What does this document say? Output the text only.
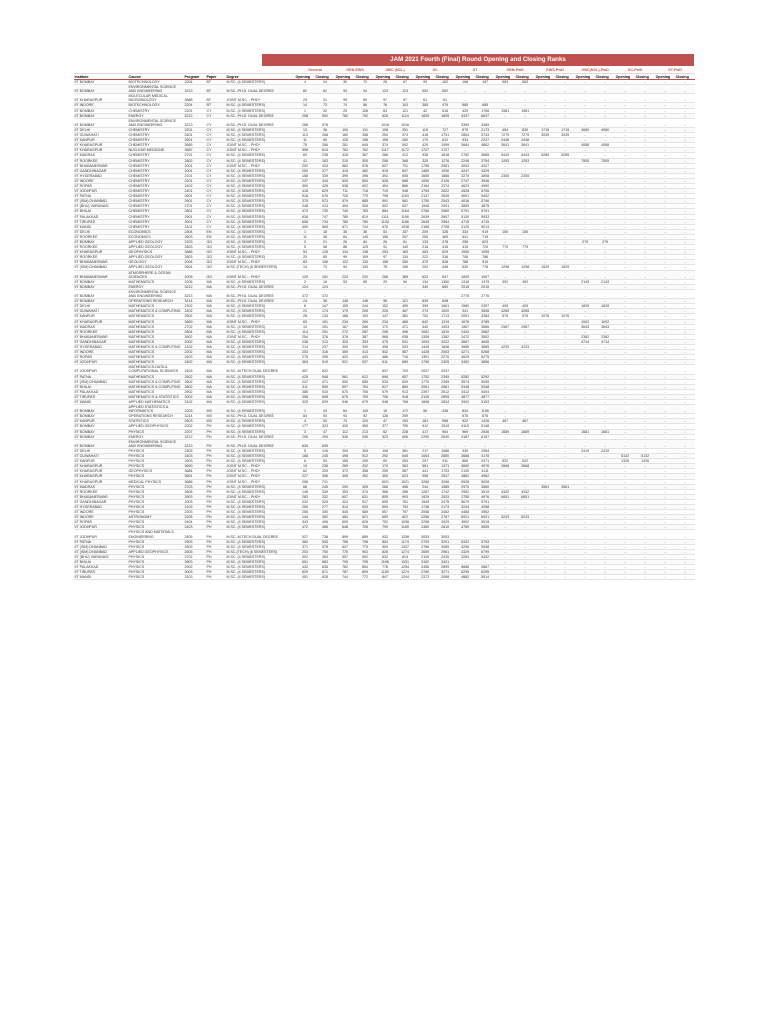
JAM 2021 Fourth (Final) Round Opening and Closing Ranks
					General		GEN-EWS		OBC (NCL)		SC		ST		GEN-PwD		EWS-PwD		OBC(NCL)-PwD		SC-PwD		ST-PwD	
Institute	Course	Program	Paper	Degree	Opening	Closing	Opening	Closing	Opening	Closing	Opening	Closing	Opening	Closing	Opening	Closing	Opening	Closing	Opening	Closing	Opening	Closing	Opening	Closing
IIT BOMBAY	BIOTECHNOLOGY	2204	BT	M.SC. (4 SEMESTERS)	4	24	30	72	28	67	99	162	168	187	583	583	-	-	-	-	-	-	-	-
IIT BOMBAY	ENVIRONMENTAL SCIENCE AND ENGINEERING	3213	BT	M.SC.-PH.D. DUAL DEGREE	82	62	94	94	123	123	552	552	-	-	-	-	-	-	-	-	-	-	-	-
IIT KHARAGPUR	MOLECULAR MEDICAL MICROBIOLOGY	3688	BT	JOINT M.SC. - PHD*	29	31	99	89	97	97	61	61	-	-	-	-	-	-	-	-	-	-	-	-
IIT INDORE	BIOTECHNOLOGY	2204	BT	M.SC. (4 SEMESTERS)	14	73	74	86	76	103	385	479	685	685	-	-	-	-	-	-	-	-	-	-
IIT BOMBAY	CHEMISTRY	2201	CY	M.SC. (4 SEMESTERS)	1	32	25	106	63	121	42	616	429	1706	1981	1981	-	-	-	-	-	-	-	-
IIT BOMBAY	ENERGY	3212	CY	M.SC.-PH.D. DUAL DEGREE	258	592	782	792	826	1124	1839	1839	4337	6637	-	-	-	-	-	-	-	-	-	-
IIT BOMBAY	ENVIRONMENTAL SCIENCE AND ENGINEERING	3213	CY	M.SC.-PH.D. DUAL DEGREE	268	578	-	-	1016	1016	-	-	3369	3369	-	-	-	-	-	-	-	-	-	-
IIT DELHI	CHEMISTRY	2201	CY	M.SC. (4 SEMESTERS)	13	38	100	131	108	251	115	727	879	2173	454	830	1715	1715	4080	4080	-	-	-	-
IIT GUWAHATI	CHEMISTRY	2401	CY	M.SC. (4 SEMESTERS)	113	268	160	358	254	374	418	1731	2854	3743	7279	7279	3039	3039	-	-	-	-	-	-
IIT KANPUR	CHEMISTRY	2501	CY	M.SC. (4 SEMESTERS)	11	50	125	156	106	260	170	812	934	2237	2446	2446	-	-	-	-	-	-	-	-
IIT KHARAGPUR	CHEMISTRY	3685	CY	JOINT M.SC. - PHD*	75	286	281	649	374	592	429	1099	3684	4862	3641	3641	-	-	4088	4088	-	-	-	-
IIT KHARAGPUR	NUCLEAR MEDICINE	3687	CY	JOINT M.SC. - PHD*	598	614	762	762	1117	1172	1727	1727	-	-	-	-	-	-	-	-	-	-	-	-
IIT MADRAS	CHEMISTRY	2701	CY	M.SC. (4 SEMESTERS)	69	238	418	367	266	412	938	1818	2782	3665	5443	5443	5285	5285	-	-	-	-	-	-
IIT ROORKEE	CHEMISTRY	2802	CY	M.SC. (4 SEMESTERS)	41	163	210	305	258	368	325	1276	2246	3754	1253	1253	-	-	7505	7505	-	-	-	-
IIT BHUBANESWAR	CHEMISTRY	2001	CY	JOINT M.SC. - PHD*	292	433	563	576	607	731	1796	2581	4003	4327	-	-	-	-	-	-	-	-	-	-
IIT GANDHINAGAR	CHEMISTRY	2001	CY	M.SC. (4 SEMESTERS)	252	377	415	482	515	607	1489	1930	4247	4329	-	-	-	-	-	-	-	-	-	-
IIT HYDERABAD	CHEMISTRY	2101	CY	M.SC. (4 SEMESTERS)	158	339	399	396	392	608	1665	1888	3270	3808	2305	2305	-	-	-	-	-	-	-	-
IIT INDORE	CHEMISTRY	2201	CY	M.SC. (4 SEMESTERS)	237	344	520	554	528	668	1050	2126	2747	3946	-	-	-	-	-	-	-	-	-	-
IIT ROPAR	CHEMISTRY	2402	CY	M.SC. (4 SEMESTERS)	350	428	538	602	454	866	2164	2374	4623	4950	-	-	-	-	-	-	-	-	-	-
IIT JODHPUR	CHEMISTRY	2401	CY	M.SC. (4 SEMESTERS)	416	629	711	716	719	948	1705	2622	4528	5706	-	-	-	-	-	-	-	-	-	-
IIT PATNA	CHEMISTRY	2501	CY	M.SC. (4 SEMESTERS)	518	676	720	779	798	1163	2137	2639	4691	5402	-	-	-	-	-	-	-	-	-	-
IIT (ISM) DHANBAD	CHEMISTRY	2601	CY	M.SC. (4 SEMESTERS)	375	573	579	685	591	961	1750	2543	4016	5746	-	-	-	-	-	-	-	-	-	-
IIT (BHU) VARANASI	CHEMISTRY	2701	CY	M.SC. (4 SEMESTERS)	248	413	494	526	502	637	1946	2001	3805	4875	-	-	-	-	-	-	-	-	-	-
IIT BHILAI	CHEMISTRY	2801	CY	M.SC. (4 SEMESTERS)	473	730	740	783	864	1164	2766	2960	5791	5791	-	-	-	-	-	-	-	-	-	-
IIT PALAKKAD	CHEMISTRY	2901	CY	M.SC. (4 SEMESTERS)	638	747	785	819	1111	1196	2639	2897	5130	5933	-	-	-	-	-	-	-	-	-	-
IIT TIRUPATI	CHEMISTRY	3001	CY	M.SC. (4 SEMESTERS)	606	734	780	780	1130	1186	2645	2964	4715	4715	-	-	-	-	-	-	-	-	-	-
IIT MANDI	CHEMISTRY	3101	CY	M.SC. (4 SEMESTERS)	400	565	671	744	676	1038	2168	2708	3125	5013	-	-	-	-	-	-	-	-	-	-
IIT DELHI	ECONOMICS	2304	EN	M.SC. (4 SEMESTERS)	1	18	35	36	53	157	209	328	334	919	150	150	-	-	-	-	-	-	-	-
IIT ROORKEE	ECONOMICS	2803	EN	M.SC. (4 SEMESTERS)	11	38	64	145	156	257	250	465	541	719	-	-	-	-	-	-	-	-	-	-
IIT BOMBAY	APPLIED GEOLOGY	2203	GG	M.SC. (4 SEMESTERS)	2	21	26	84	26	61	133	278	256	623	-	-	-	-	279	279	-	-	-	-
IIT ROORKEE	APPLIED GEOLOGY	2803	GG	M.SC. (4 SEMESTERS)	5	58	86	125	91	140	216	416	415	725	779	779	-	-	-	-	-	-	-	-
IIT KHARAGPUR	GEOPHYSICS	3686	GG	JOINT M.SC. - PHD*	53	126	134	138	253	160	463	529	1050	1059	-	-	-	-	-	-	-	-	-	-
IIT ROORKEE	APPLIED GEOLOGY	2803	GG	M.SC. (4 SEMESTERS)	20	85	99	109	97	134	222	316	706	786	-	-	-	-	-	-	-	-	-	-
IIT BHUBANESWAR	GEOLOGY	2004	GG	JOINT M.SC. - PHD*	83	106	122	133	158	250	470	528	788	919	-	-	-	-	-	-	-	-	-	-
IIT (ISM) DHANBAD	APPLIED GEOLOGY	2604	GG	M.SC.(TECH) (6 SEMESTERS)	14	73	94	133	78	196	202	445	530	778	1298	1298	1529	1529	-	-	-	-	-	-
IIT BHUBANESWAR	ATMOSPHERE & OCEAN SCIENCES	2005	GG	JOINT M.SC. - PHD*	129	181	223	232	268	385	623	647	1009	1057	-	-	-	-	-	-	-	-	-	-
IIT BOMBAY	MATHEMATICS	2206	MA	M.SC. (4 SEMESTERS)	2	18	53	85	29	54	134	1350	1316	1379	392	392	-	-	2143	2143	-	-	-	-
IIT BOMBAY	ENERGY	3212	MA	M.SC.-PH.D. DUAL DEGREE	124	124	-	-	-	-	340	860	2015	2015	-	-	-	-	-	-	-	-	-	-
IIT BOMBAY	ENVIRONMENTAL SCIENCE AND ENGINEERING	3213	MA	M.SC.-PH.D. DUAL DEGREE	372	372	-	-	-	-	-	-	2776	2776	-	-	-	-	-	-	-	-	-	-
IIT BOMBAY	OPERATIONS RESEARCH	3214	MA	M.SC.-PH.D. DUAL DEGREE	24	38	148	148	96	121	839	838	-	-	-	-	-	-	-	-	-	-	-	-
IIT DELHI	MATHEMATICS	2302	MA	M.SC. (4 SEMESTERS)	8	147	155	244	152	459	399	1661	1560	2357	405	405	-	-	1839	1839	-	-	-	-
IIT GUWAHATI	MATHEMATICS & COMPUTING	2402	MA	M.SC. (4 SEMESTERS)	21	174	179	205	226	467	274	1520	341	3508	4265	4265	-	-	-	-	-	-	-	-
IIT KANPUR	MATHEMATICS	2502	MA	M.SC. (4 SEMESTERS)	28	133	168	193	147	382	702	1713	2091	3284	575	575	1076	1076	-	-	-	-	-	-
IIT KHARAGPUR	MATHEMATICS	3689	MA	JOINT M.SC. - PHD*	63	181	234	269	234	466	642	1319	1676	3789	-	-	-	-	1002	1002	-	-	-	-
IIT MADRAS	MATHEMATICS	2702	MA	M.SC. (4 SEMESTERS)	10	151	167	266	170	471	340	1003	1567	3666	2987	2987	-	-	3643	3643	-	-	-	-
IIT ROORKEE	MATHEMATICS	2804	MA	M.SC. (4 SEMESTERS)	114	251	272	287	206	496	1062	1810	2443	2662	-	-	-	-	-	-	-	-	-	-
IIT BHUBANESWAR	MATHEMATICS	3902	MA	JOINT M.SC. - PHD*	254	376	378	387	568	638	1308	1382	3472	3502	-	-	-	-	2382	2382	-	-	-	-
IIT GANDHINAGAR	MATHEMATICS	2002	MA	M.SC. (4 SEMESTERS)	236	313	320	353	475	531	1093	2022	3687	4645	-	-	-	-	4714	4714	-	-	-	-
IIT HYDERABAD	MATHEMATICS & COMPUTING	2102	MA	M.SC. (4 SEMESTERS)	214	237	300	330	496	533	1445	1846	3685	3685	4233	4233	-	-	-	-	-	-	-	-
IIT INDORE	MATHEMATICS	2202	MA	M.SC. (4 SEMESTERS)	253	316	359	413	542	587	1428	2063	4271	5268	-	-	-	-	-	-	-	-	-	-
IIT ROPAR	MATHEMATICS	2403	MA	M.SC. (4 SEMESTERS)	275	395	420	443	486	716	1391	2270	4629	5275	-	-	-	-	-	-	-	-	-	-
IIT JODHPUR	MATHEMATICS	2402	MA	M.SC. (4 SEMESTERS)	363	519	521	537	611	689	1796	2305	3452	3856	-	-	-	-	-	-	-	-	-	-
IIT JODHPUR	MATHEMATICS-DATA & COMPUTATIONAL SCIENCES	2403	MA	M.SC.-M.TECH DUAL DEGREE	407	522	-	-	637	700	2037	2037	-	-	-	-	-	-	-	-	-	-	-	-
IIT PATNA	MATHEMATICS	2502	MA	M.SC. (4 SEMESTERS)	425	548	561	612	698	857	1752	2395	5282	5292	-	-	-	-	-	-	-	-	-	-
IIT (ISM) DHANBAD	MATHEMATICS & COMPUTING	2602	MA	M.SC. (4 SEMESTERS)	247	471	500	655	533	839	1770	2269	3574	5055	-	-	-	-	-	-	-	-	-	-
IIT BHILAI	MATHEMATICS & COMPUTING	2802	MA	M.SC. (4 SEMESTERS)	311	569	697	754	617	865	2061	2861	5348	5348	-	-	-	-	-	-	-	-	-	-
IIT PALAKKAD	MATHEMATICS	2902	MA	M.SC. (4 SEMESTERS)	385	510	670	706	579	913	2397	2612	3412	5404	-	-	-	-	-	-	-	-	-	-
IIT TIRUPATI	MATHEMATICS & STATISTICS	3002	MA	M.SC. (4 SEMESTERS)	358	598	675	709	706	918	2126	2895	4877	4877	-	-	-	-	-	-	-	-	-	-
IIT MANDI	APPLIED MATHEMATICS	3102	MA	M.SC. (4 SEMESTERS)	325	529	546	679	548	768	1608	2834	3902	5153	-	-	-	-	-	-	-	-	-	-
IIT BOMBAY	APPLIED STATISTICS & INFORMATICS	2203	MS	M.SC. (4 SEMESTERS)	1	43	64	130	15	172	56	438	834	1106	-	-	-	-	-	-	-	-	-	-
IIT BOMBAY	OPERATIONS RESEARCH	3214	MS	M.SC.-PH.D. DUAL DEGREE	84	93	93	92	128	259	-	-	676	676	-	-	-	-	-	-	-	-	-	-
IIT KANPUR	STATISTICS	2503	MS	M.SC. (4 SEMESTERS)	4	53	73	120	47	153	161	558	922	1426	467	467	-	-	-	-	-	-	-	-
IIT BOMBAY	APPLIED GEOPHYSICS	2202	PH	M.SC. (4 SEMESTERS)	177	323	430	455	377	795	912	2519	4119	5148	-	-	-	-	-	-	-	-	-	-
IIT BOMBAY	PHYSICS	2207	PH	M.SC. (4 SEMESTERS)	3	47	112	213	62	228	417	964	969	2546	1689	1689	-	-	1681	1681	-	-	-	-
IIT BOMBAY	ENERGY	3212	PH	M.SC.-PH.D. DUAL DEGREE	206	295	536	536	523	606	2290	2630	4187	6187	-	-	-	-	-	-	-	-	-	-
IIT BOMBAY	ENVIRONMENTAL SCIENCE AND ENGINEERING	3213	PH	M.SC.-PH.D. DUAL DEGREE	635	635	-	-	-	-	-	-	-	-	-	-	-	-	-	-	-	-	-	-
IIT DELHI	PHYSICS	2303	PH	M.SC. (4 SEMESTERS)	5	126	204	305	108	381	217	1086	330	2964	-	-	-	-	2419	2419	-	-	-	-
IIT GUWAHATI	PHYSICS	2403	PH	M.SC. (4 SEMESTERS)	168	245	498	512	292	545	1063	2850	3668	4178	-	-	-	-	-	-	5132	5132	-	-
IIT KANPUR	PHYSICS	2503	PH	M.SC. (4 SEMESTERS)	6	53	185	290	69	263	297	911	866	2471	522	522	-	-	-	-	1326	1326	-	-
IIT KHARAGPUR	PHYSICS	3690	PH	JOINT M.SC. - PHD*	19	236	269	432	170	363	561	1371	3660	4976	2668	2668	-	-	-	-	-	-	-	-
IIT KHARAGPUR	GEOPHYSICS	3684	PH	JOINT M.SC. - PHD*	62	209	372	358	259	587	441	1703	2130	4111	-	-	-	-	-	-	-	-	-	-
IIT KHARAGPUR	PHYSICS	3691	PH	JOINT M.SC. - PHD*	227	356	405	452	300	623	956	2547	4862	4962	-	-	-	-	-	-	-	-	-	-
IIT KHARAGPUR	MEDICAL PHYSICS	3686	PH	JOINT M.SC. - PHD*	256	741	-	-	1021	1021	3266	3266	5928	5928	-	-	-	-	-	-	-	-	-	-
IIT MADRAS	PHYSICS	2703	PH	M.SC. (4 SEMESTERS)	68	245	290	305	268	456	244	1585	2970	3560	-	-	3561	3561	-	-	-	-	-	-
IIT ROORKEE	PHYSICS	2805	PH	M.SC. (4 SEMESTERS)	148	339	353	374	368	456	1287	1742	2952	3519	4332	4332	-	-	-	-	-	-	-	-
IIT BHUBANESWAR	PHYSICS	3903	PH	JOINT M.SC. - PHD*	283	332	607	631	805	993	1929	2533	2755	4976	6651	6651	-	-	-	-	-	-	-	-
IIT GANDHINAGAR	PHYSICS	2003	PH	M.SC. (4 SEMESTERS)	232	325	424	517	690	781	1949	2475	5679	5791	-	-	-	-	-	-	-	-	-	-
IIT HYDERABAD	PHYSICS	2103	PH	M.SC. (4 SEMESTERS)	250	277	514	533	600	753	1748	2173	3244	4398	-	-	-	-	-	-	-	-	-	-
IIT INDORE	PHYSICS	2203	PH	M.SC. (4 SEMESTERS)	256	350	545	589	657	797	2068	2462	4468	4962	-	-	-	-	-	-	-	-	-	-
IIT INDORE	ASTRONOMY	2205	PH	M.SC. (4 SEMESTERS)	144	382	483	621	659	822	2266	2767	6921	6921	5233	5233	-	-	-	-	-	-	-	-
IIT ROPAR	PHYSICS	2404	PH	M.SC. (4 SEMESTERS)	343	496	609	626	752	1036	2298	2629	4502	5515	-	-	-	-	-	-	-	-	-	-
IIT JODHPUR	PHYSICS	2403	PH	M.SC. (4 SEMESTERS)	472	468	648	706	799	1189	2460	2810	4789	5555	-	-	-	-	-	-	-	-	-	-
IIT JODHPUR	PHYSICS AND MATERIALS ENGINEERING	2405	PH	M.SC.-M.TECH DUAL DEGREE	527	738	899	889	932	1258	3053	3053	-	-	-	-	-	-	-	-	-	-	-	-
IIT PATNA	PHYSICS	2503	PH	M.SC. (4 SEMESTERS)	380	535	756	798	804	1174	2709	3201	5332	5753	-	-	-	-	-	-	-	-	-	-
IIT (ISM) DHANBAD	PHYSICS	2603	PH	M.SC. (4 SEMESTERS)	371	578	637	775	909	1337	2766	3085	4296	5948	-	-	-	-	-	-	-	-	-	-
IIT (ISM) DHANBAD	APPLIED GEOPHYSICS	2605	PH	M.SC.(TECH) (6 SEMESTERS)	203	750	776	903	826	1274	2659	2961	4329	6799	-	-	-	-	-	-	-	-	-	-
IIT (BHU) VARANASI	PHYSICS	2702	PH	M.SC. (4 SEMESTERS)	302	363	557	592	632	814	2105	2430	3284	5432	-	-	-	-	-	-	-	-	-	-
IIT BHILAI	PHYSICS	2803	PH	M.SC. (4 SEMESTERS)	651	683	795	795	1196	1331	3152	3421	-	-	-	-	-	-	-	-	-	-	-	-
IIT PALAKKAD	PHYSICS	2902	PH	M.SC. (4 SEMESTERS)	432	636	782	854	778	1254	2456	2899	5686	5887	-	-	-	-	-	-	-	-	-	-
IIT TIRUPATI	PHYSICS	3003	PH	M.SC. (4 SEMESTERS)	629	671	787	809	1150	1274	2780	3271	6295	6295	-	-	-	-	-	-	-	-	-	-
IIT MANDI	PHYSICS	3103	PH	M.SC. (4 SEMESTERS)	451	628	744	772	847	1244	2372	3068	4882	5514	-	-	-	-	-	-	-	-	-	-
